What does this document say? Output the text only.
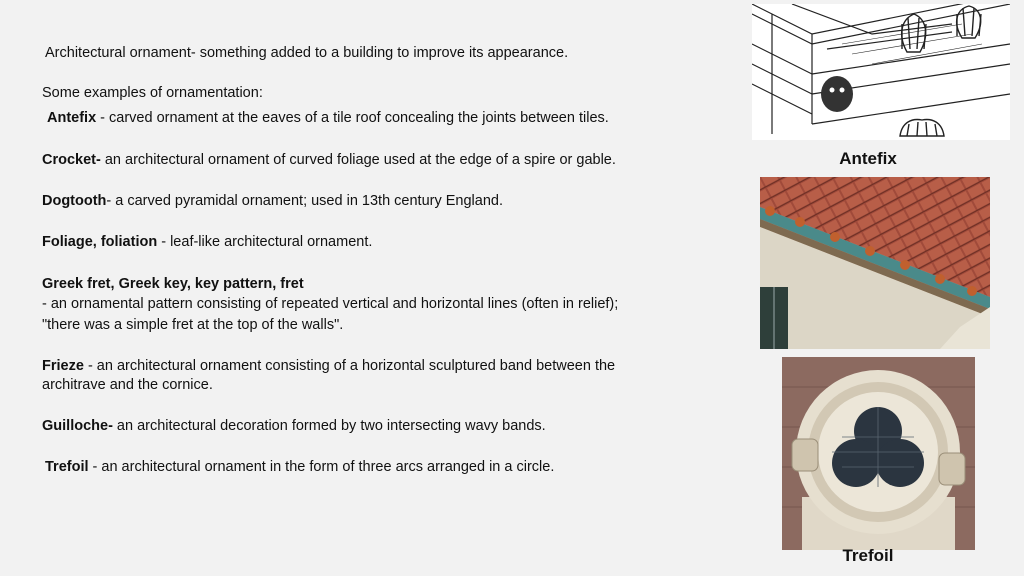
Architectural ornament- something added to a building to improve its appearance.
Some examples of ornamentation:
Antefix - carved ornament at the eaves of a tile roof concealing the joints between tiles.
Crocket- an architectural ornament of curved foliage used at the edge of a spire or gable.
Dogtooth- a carved pyramidal ornament; used in 13th century England.
Foliage, foliation - leaf-like architectural ornament.
Greek fret, Greek key, key pattern, fret
- an ornamental pattern consisting of repeated vertical and horizontal lines (often in relief);
"there was a simple fret at the top of the walls".
Frieze - an architectural ornament consisting of a horizontal sculptured band between the
architrave and the cornice.
Guilloche- an architectural decoration formed by two intersecting wavy bands.
Trefoil - an architectural ornament in the form of three arcs arranged in a circle.
Antefix
Trefoil
